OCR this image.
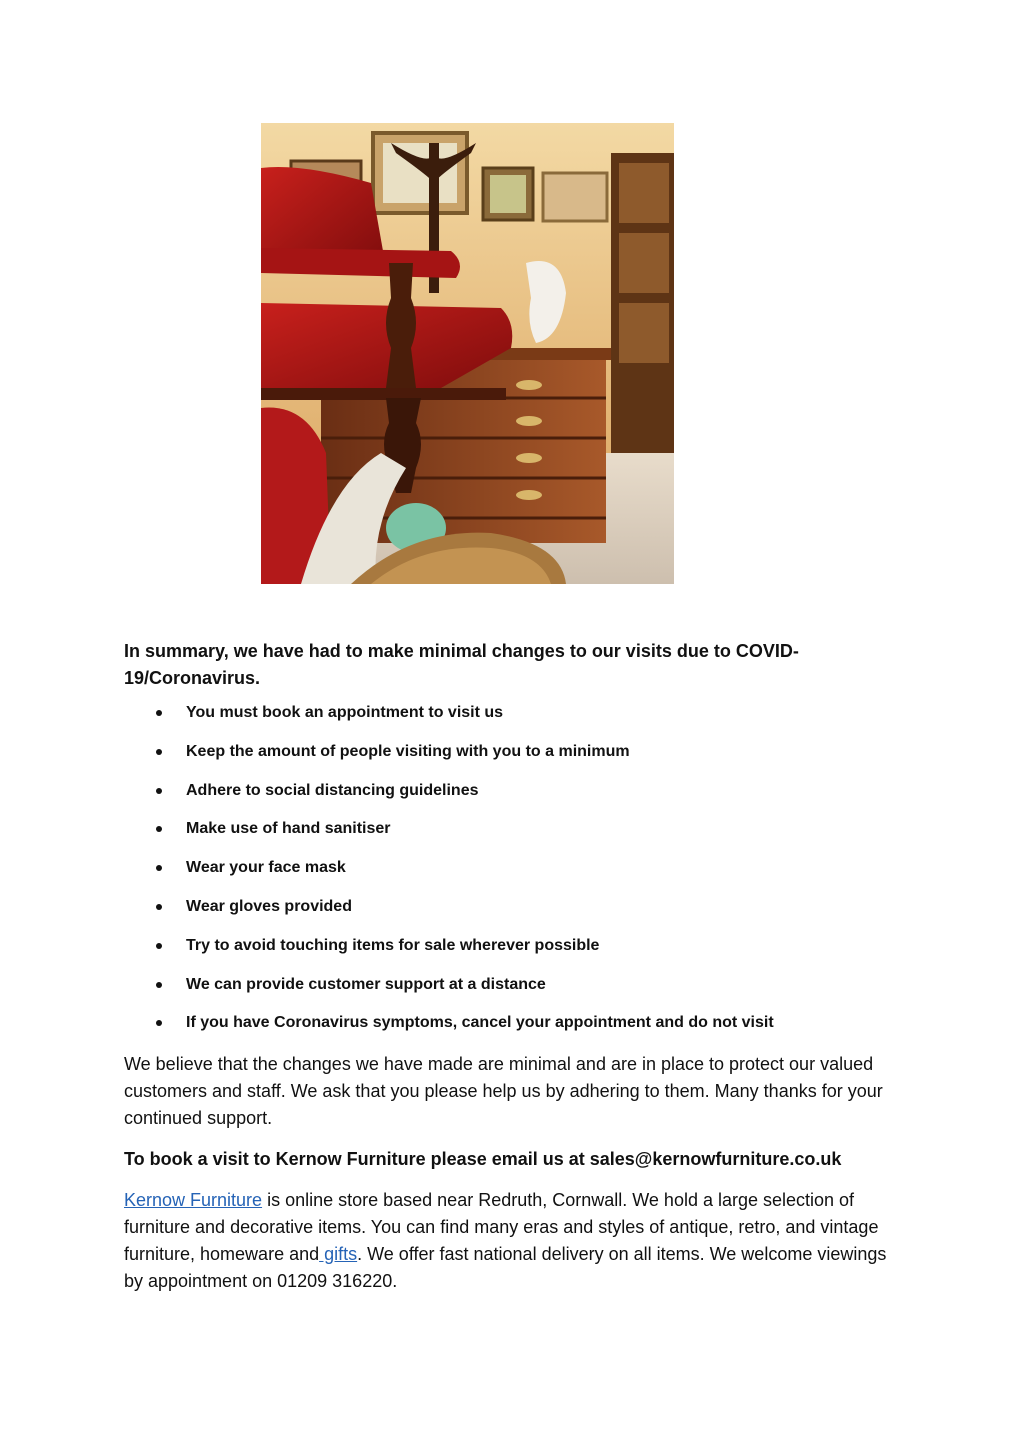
In summary, we have had to make minimal changes to our visits due to COVID-19/Coronavirus.

You must book an appointment to visit us
Keep the amount of people visiting with you to a minimum
Adhere to social distancing guidelines
Make use of hand sanitiser
Wear your face mask
Wear gloves provided
Try to avoid touching items for sale wherever possible
We can provide customer support at a distance
If you have Coronavirus symptoms, cancel your appointment and do not visit

We believe that the changes we have made are minimal and are in place to protect our valued customers and staff. We ask that you please help us by adhering to them. Many thanks for your continued support.

To book a visit to Kernow Furniture please email us at sales@kernowfurniture.co.uk

Kernow Furniture is online store based near Redruth, Cornwall. We hold a large selection of furniture and decorative items. You can find many eras and styles of antique, retro, and vintage furniture, homeware and gifts. We offer fast national delivery on all items. We welcome viewings by appointment on 01209 316220.
